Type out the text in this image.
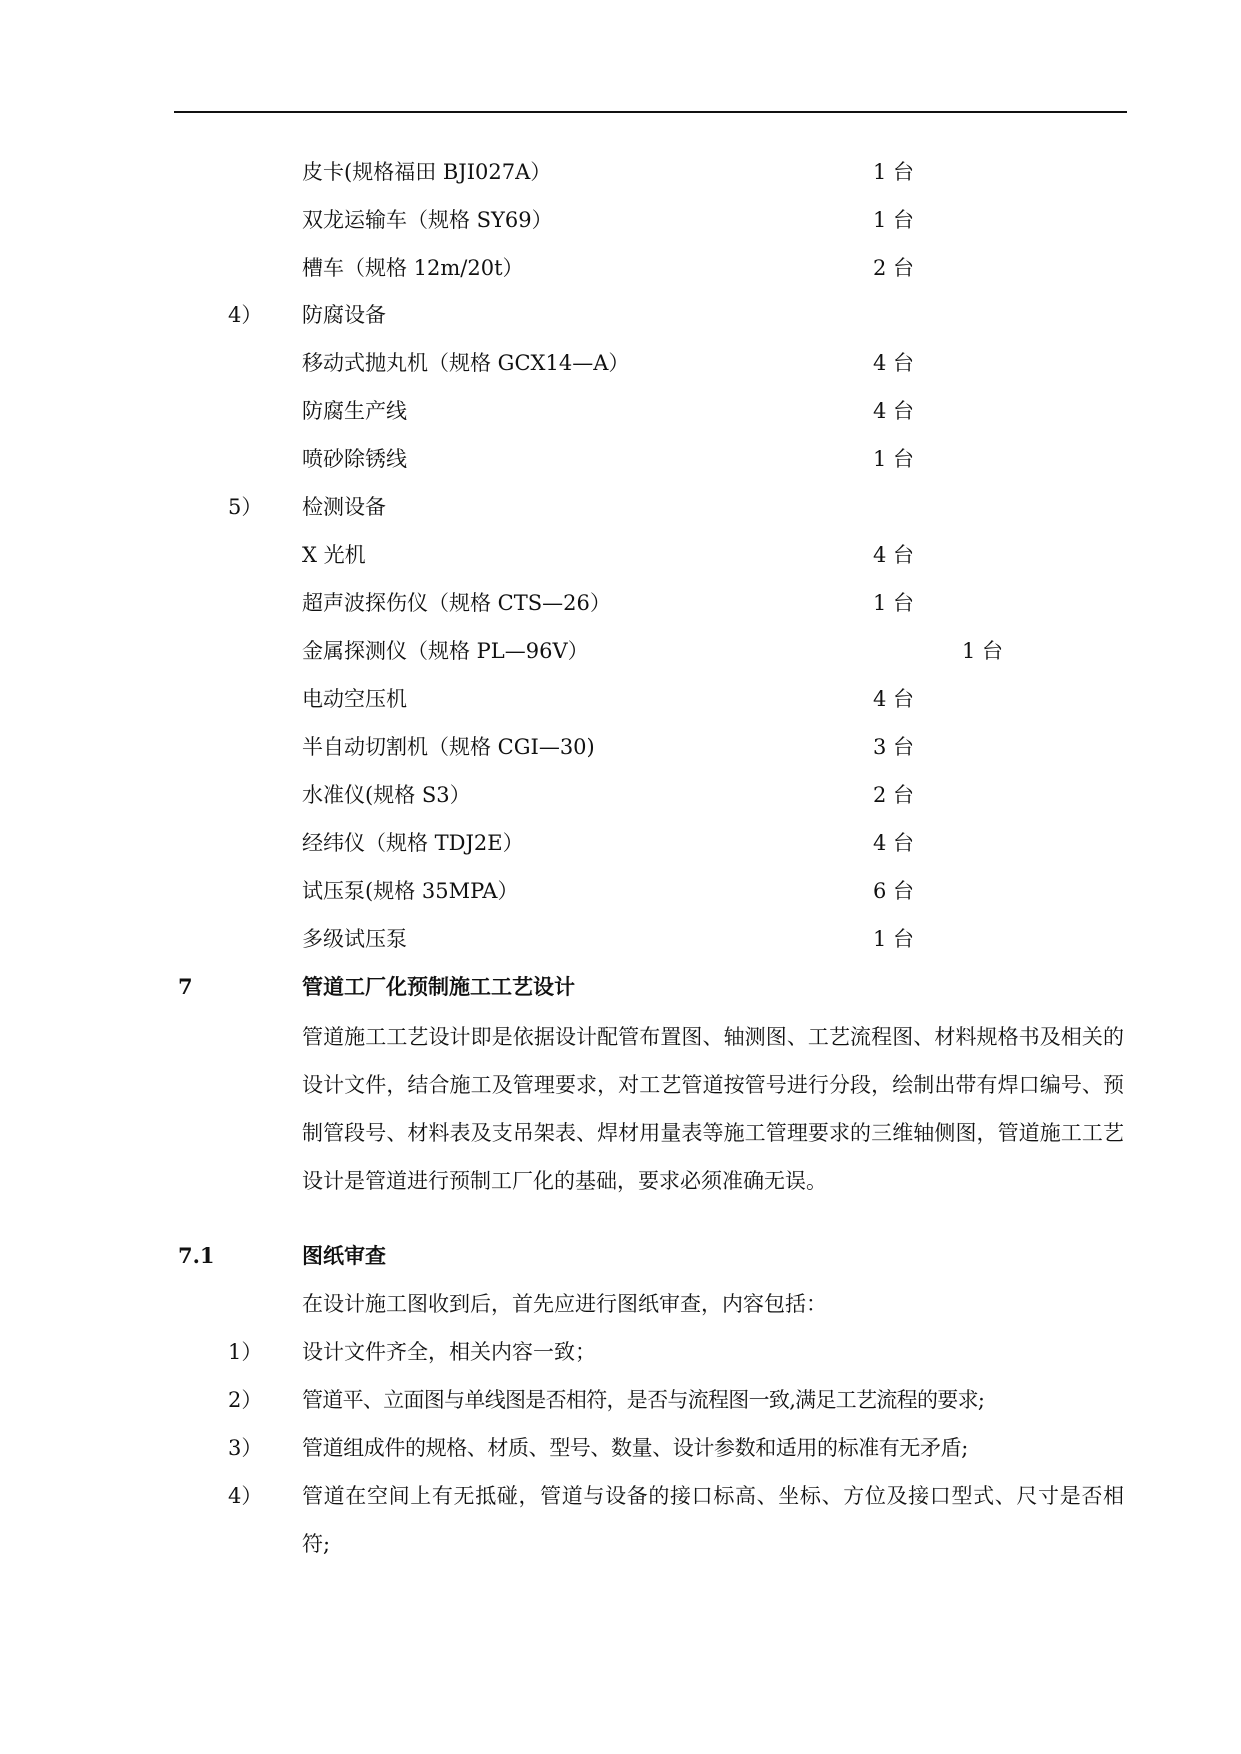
皮卡(规格福田 BJI027A）	1 台
双龙运输车（规格 SY69）	1 台
槽车（规格 12m/20t）	2 台
4） 防腐设备
移动式抛丸机（规格 GCX14—A）	4 台
防腐生产线	4 台
喷砂除锈线	1 台
5） 检测设备
X 光机	4 台
超声波探伤仪（规格 CTS—26）	1 台
金属探测仪（规格 PL—96V）	1 台
电动空压机	4 台
半自动切割机（规格 CGI—30)	3 台
水准仪(规格 S3）	2 台
经纬仪（规格 TDJ2E）	4 台
试压泵(规格 35MPA）	6 台
多级试压泵	1 台
7	管道工厂化预制施工工艺设计
管道施工工艺设计即是依据设计配管布置图、轴测图、工艺流程图、材料规格书及相关的设计文件，结合施工及管理要求，对工艺管道按管号进行分段，绘制出带有焊口编号、预制管段号、材料表及支吊架表、焊材用量表等施工管理要求的三维轴侧图，管道施工工艺设计是管道进行预制工厂化的基础，要求必须准确无误。
7.1	图纸审查
在设计施工图收到后，首先应进行图纸审查，内容包括：
1） 设计文件齐全，相关内容一致；
2） 管道平、立面图与单线图是否相符，是否与流程图一致,满足工艺流程的要求;
3） 管道组成件的规格、材质、型号、数量、设计参数和适用的标准有无矛盾;
4） 管道在空间上有无抵碰，管道与设备的接口标高、坐标、方位及接口型式、尺寸是否相符;
